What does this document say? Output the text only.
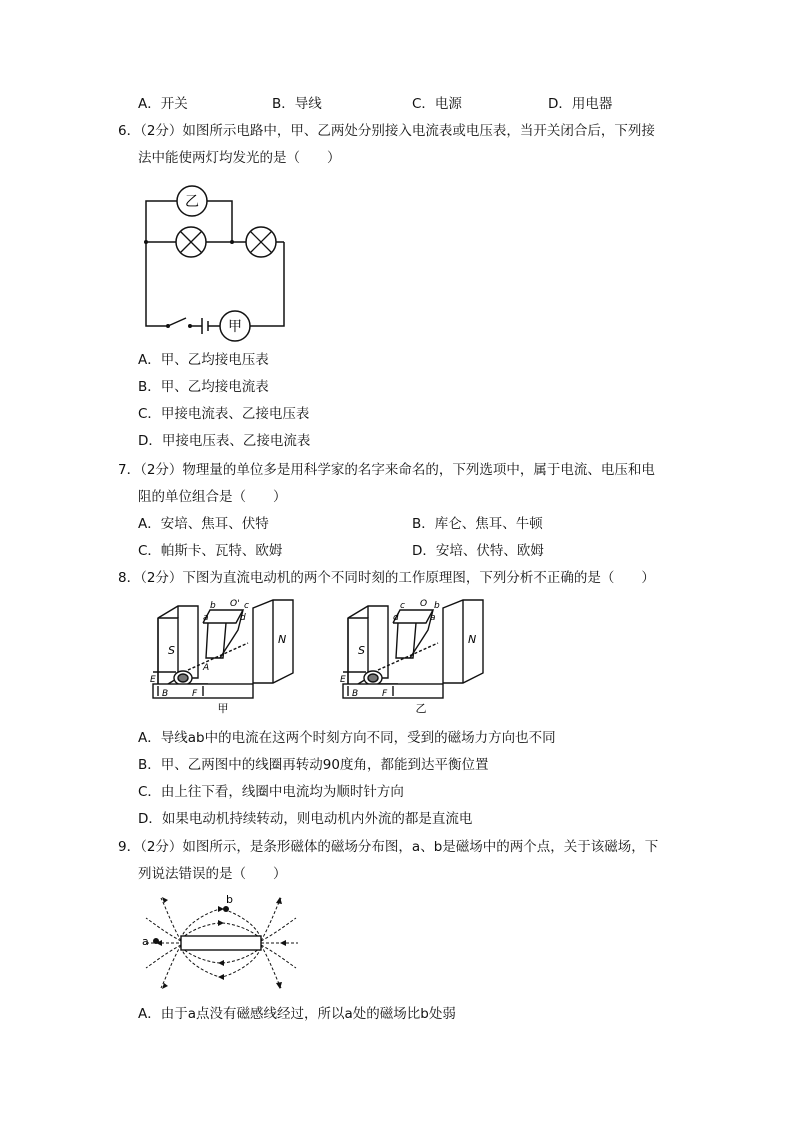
A．开关	B．导线	C．电源	D．用电器
6．（2分）如图所示电路中，甲、乙两处分别接入电流表或电压表，当开关闭合后，下列接
法中能使两灯均发光的是（　　）
乙
甲
A．甲、乙均接电压表
B．甲、乙均接电流表
C．甲接电流表、乙接电压表
D．甲接电压表、乙接电流表
7．（2分）物理量的单位多是用科学家的名字来命名的，下列选项中，属于电流、电压和电
阻的单位组合是（　　）
A．安培、焦耳、伏特	B．库仑、焦耳、牛顿
C．帕斯卡、瓦特、欧姆	D．安培、伏特、欧姆
8．（2分）下图为直流电动机的两个不同时刻的工作原理图，下列分析不正确的是（　　）
S
N
b
a
c
d
O'
A
E
B	F
甲
S
N
c
d
b
a
O
E
B	F
乙
A．导线ab中的电流在这两个时刻方向不同，受到的磁场力方向也不同
B．甲、乙两图中的线圈再转动90度角，都能到达平衡位置
C．由上往下看，线圈中电流均为顺时针方向
D．如果电动机持续转动，则电动机内外流的都是直流电
9．（2分）如图所示，是条形磁体的磁场分布图，a、b是磁场中的两个点，关于该磁场，下
列说法错误的是（　　）
a
b
A．由于a点没有磁感线经过，所以a处的磁场比b处弱
